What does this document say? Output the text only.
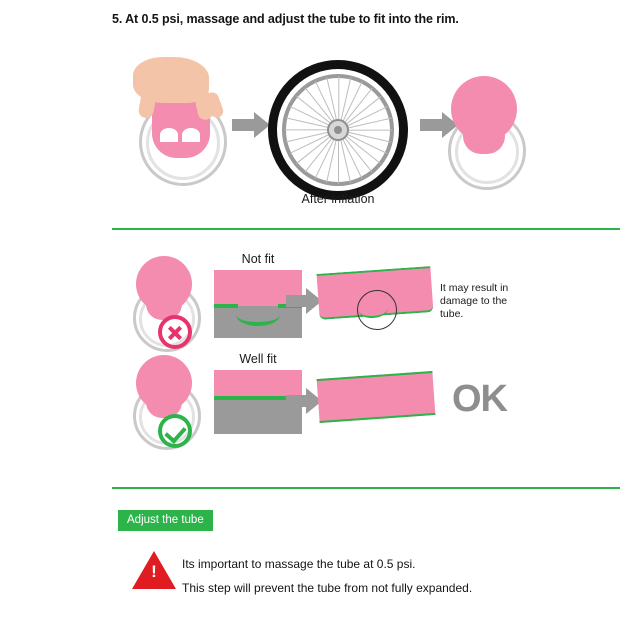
5. At 0.5 psi, massage and adjust the tube to fit into the rim.
After inflation
Not fit
It may result in damage to the tube.
Well fit
OK
Adjust the tube
! Its important to massage the tube at 0.5 psi.
This step will prevent the tube from not fully expanded.
